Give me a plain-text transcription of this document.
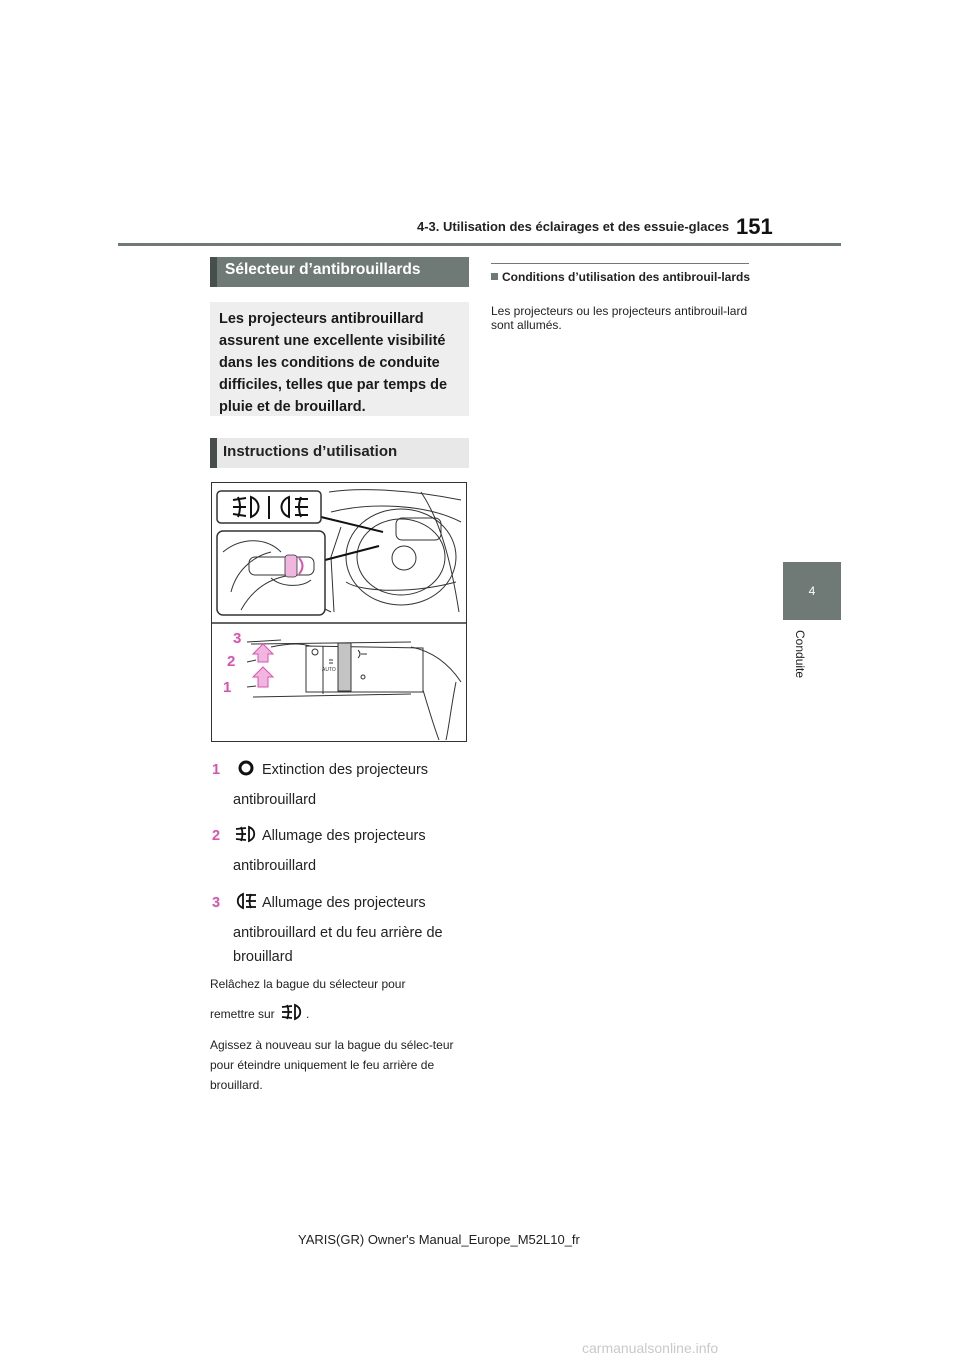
4-3. Utilisation des éclairages et des essuie-glaces 151
4
Conduite
Sélecteur d’antibrouillards
Les projecteurs antibrouillard assurent une excellente visibilité dans les conditions de conduite difficiles, telles que par temps de pluie et de brouillard.
Instructions d’utilisation
AUTO
3
2
1
1	Extinction des projecteurs
antibrouillard
2	Allumage des projecteurs
antibrouillard
3	Allumage des projecteurs
antibrouillard et du feu arrière de
brouillard
Relâchez la bague du sélecteur pour
remettre sur	.
Agissez à nouveau sur la bague du sélec-teur pour éteindre uniquement le feu arrière de brouillard.
Conditions d’utilisation des antibrouil-lards
Les projecteurs ou les projecteurs antibrouil-lard sont allumés.
YARIS(GR) Owner's Manual_Europe_M52L10_fr
carmanualsonline.info
